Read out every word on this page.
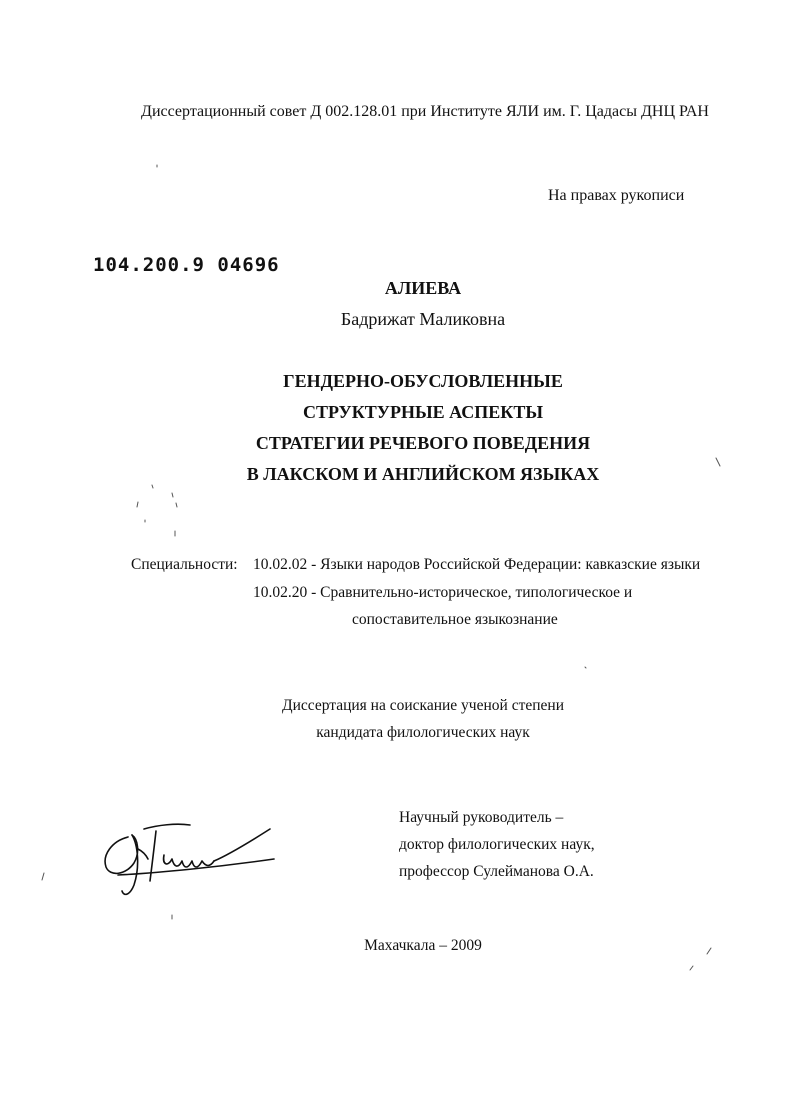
Диссертационный совет Д 002.128.01 при Институте ЯЛИ им. Г. Цадасы ДНЦ РАН
На правах рукописи
104.200.9 04696
АЛИЕВА
Бадрижат Маликовна
ГЕНДЕРНО-ОБУСЛОВЛЕННЫЕ
СТРУКТУРНЫЕ АСПЕКТЫ
СТРАТЕГИИ РЕЧЕВОГО ПОВЕДЕНИЯ
В ЛАКСКОМ И АНГЛИЙСКОМ ЯЗЫКАХ
Специальности: 10.02.02 - Языки народов Российской Федерации: кавказские языки
10.02.20 - Сравнительно-историческое, типологическое и
сопоставительное языкознание
Диссертация на соискание ученой степени
кандидата филологических наук
Научный руководитель –
доктор филологических наук,
профессор Сулейманова О.А.
Махачкала – 2009
